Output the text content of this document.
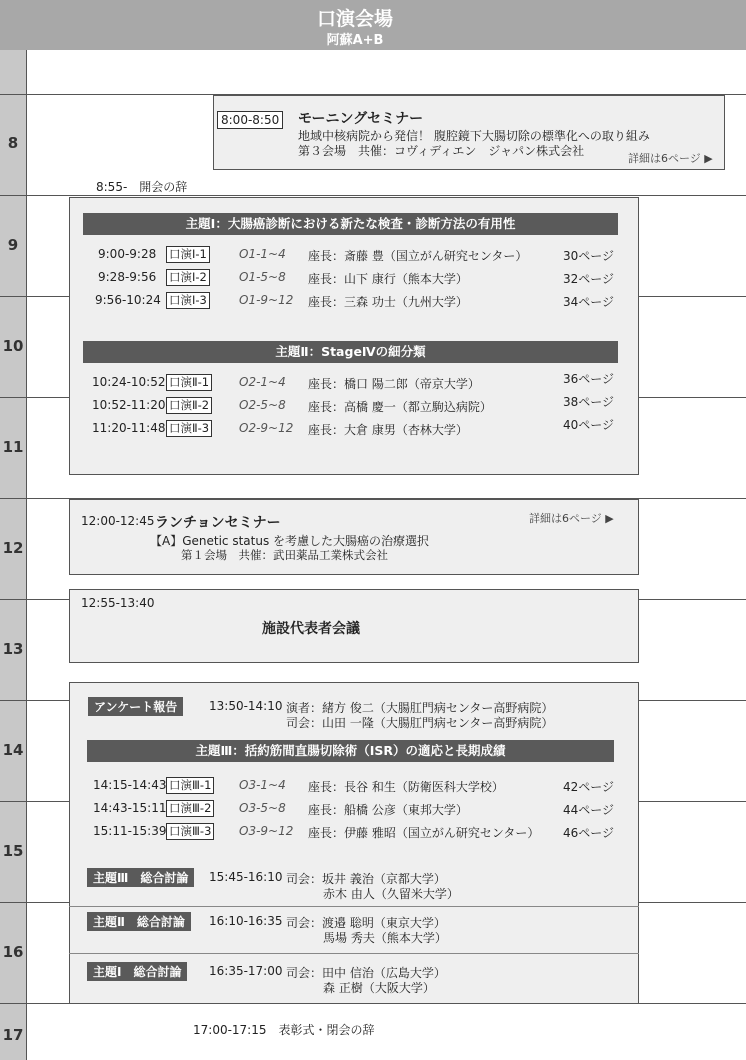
口演会場
阿蘇A+B
8
9
10
11
12
13
14
15
16
17
8:00-8:50 モーニングセミナー
地域中核病院から発信！ 腹腔鏡下大腸切除の標準化への取り組み
第３会場　共催：コヴィディエン　ジャパン株式会社
詳細は6ページ ▶
8:55-　開会の辞
主題Ⅰ：大腸癌診断における新たな検査・診断方法の有用性
9:00-9:28 口演Ⅰ-1	O1-1~4 座長：斎藤 豊（国立がん研究センター）	30ページ
9:28-9:56 口演Ⅰ-2	O1-5~8 座長：山下 康行（熊本大学）	32ページ
9:56-10:24 口演Ⅰ-3	O1-9~12 座長：三森 功士（九州大学）	34ページ
主題Ⅱ：StageⅣの細分類
10:24-10:52 口演Ⅱ-1 O2-1~4 座長：橋口 陽二郎（帝京大学）	36ページ
10:52-11:20 口演Ⅱ-2 O2-5~8 座長：高橋 慶一（都立駒込病院）	38ページ
11:20-11:48 口演Ⅱ-3 O2-9~12 座長：大倉 康男（杏林大学）	40ページ
12:00-12:45 ランチョンセミナー	詳細は6ページ ▶
【A】Genetic status を考慮した大腸癌の治療選択
第１会場　共催：武田薬品工業株式会社
12:55-13:40
施設代表者会議
アンケート報告	13:50-14:10 演者：緒方 俊二（大腸肛門病センター高野病院）
司会：山田 一隆（大腸肛門病センター高野病院）
主題Ⅲ：括約筋間直腸切除術（ISR）の適応と長期成績
14:15-14:43 口演Ⅲ-1 O3-1~4 座長：長谷 和生（防衛医科大学校）	42ページ
14:43-15:11 口演Ⅲ-2 O3-5~8 座長：船橋 公彦（東邦大学）	44ページ
15:11-15:39 口演Ⅲ-3 O3-9~12 座長：伊藤 雅昭（国立がん研究センター） 46ページ
主題Ⅲ　総合討論	15:45-16:10 司会：坂井 義治（京都大学）
赤木 由人（久留米大学）
主題Ⅱ　総合討論	16:10-16:35 司会：渡邉 聡明（東京大学）
馬場 秀夫（熊本大学）
主題Ⅰ　総合討論	16:35-17:00 司会：田中 信治（広島大学）
森 正樹（大阪大学）
17:00-17:15　表彰式・閉会の辞
